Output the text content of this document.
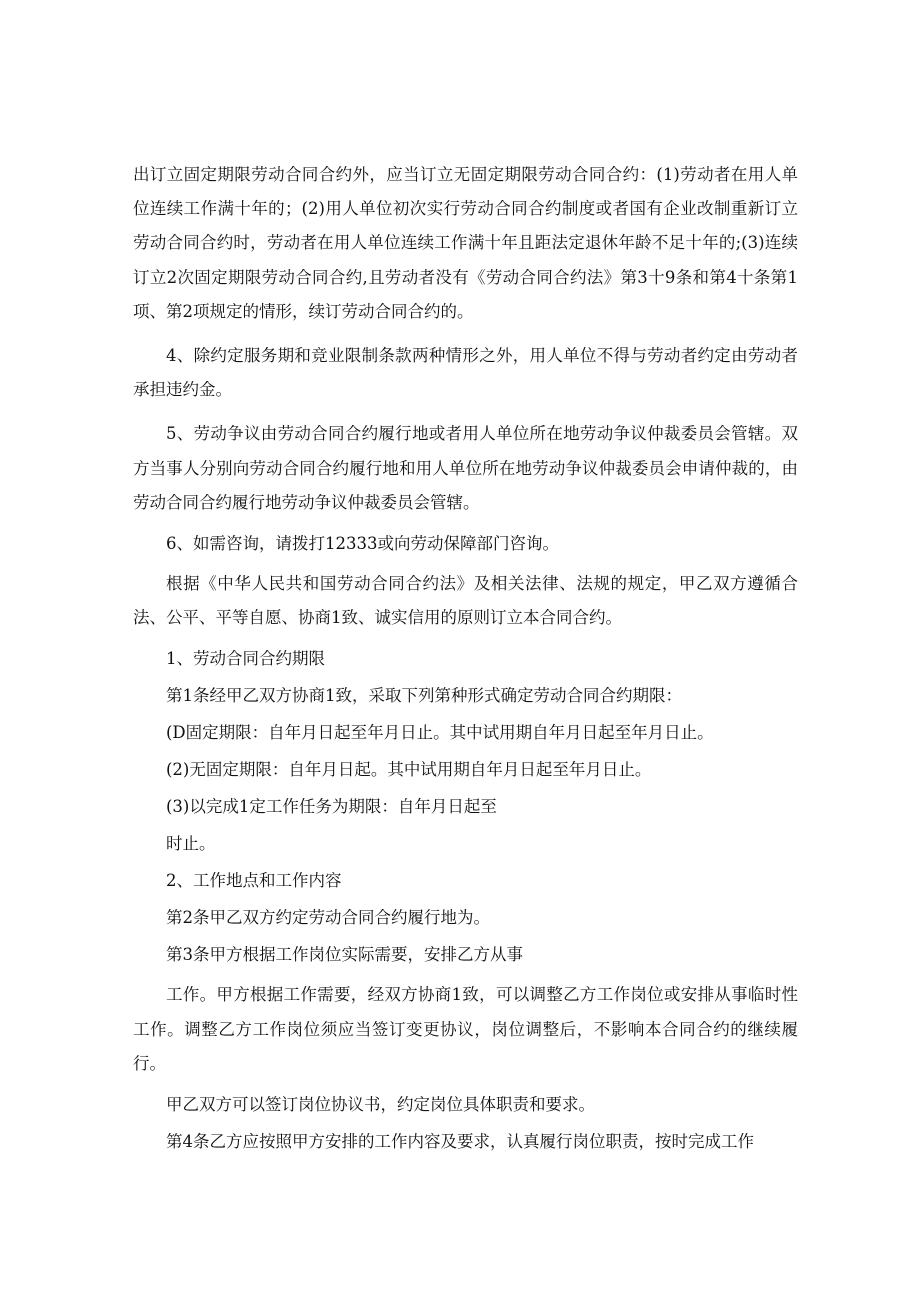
出订立固定期限劳动合同合约外，应当订立无固定期限劳动合同合约：(1)劳动者在用人单位连续工作满十年的；(2)用人单位初次实行劳动合同合约制度或者国有企业改制重新订立劳动合同合约时，劳动者在用人单位连续工作满十年且距法定退休年龄不足十年的;(3)连续订立2次固定期限劳动合同合约,且劳动者没有《劳动合同合约法》第3十9条和第4十条第1项、第2项规定的情形，续订劳动合同合约的。

4、除约定服务期和竞业限制条款两种情形之外，用人单位不得与劳动者约定由劳动者承担违约金。

5、劳动争议由劳动合同合约履行地或者用人单位所在地劳动争议仲裁委员会管辖。双方当事人分别向劳动合同合约履行地和用人单位所在地劳动争议仲裁委员会申请仲裁的，由劳动合同合约履行地劳动争议仲裁委员会管辖。

6、如需咨询，请拨打12333或向劳动保障部门咨询。

根据《中华人民共和国劳动合同合约法》及相关法律、法规的规定，甲乙双方遵循合法、公平、平等自愿、协商1致、诚实信用的原则订立本合同合约。

1、劳动合同合约期限

第1条经甲乙双方协商1致，采取下列第种形式确定劳动合同合约期限：

(D固定期限：自年月日起至年月日止。其中试用期自年月日起至年月日止。

(2)无固定期限：自年月日起。其中试用期自年月日起至年月日止。

(3)以完成1定工作任务为期限：自年月日起至

时止。

2、工作地点和工作内容

第2条甲乙双方约定劳动合同合约履行地为。

第3条甲方根据工作岗位实际需要，安排乙方从事

工作。甲方根据工作需要，经双方协商1致，可以调整乙方工作岗位或安排从事临时性工作。调整乙方工作岗位须应当签订变更协议，岗位调整后，不影响本合同合约的继续履行。

甲乙双方可以签订岗位协议书，约定岗位具体职责和要求。

第4条乙方应按照甲方安排的工作内容及要求，认真履行岗位职责，按时完成工作
